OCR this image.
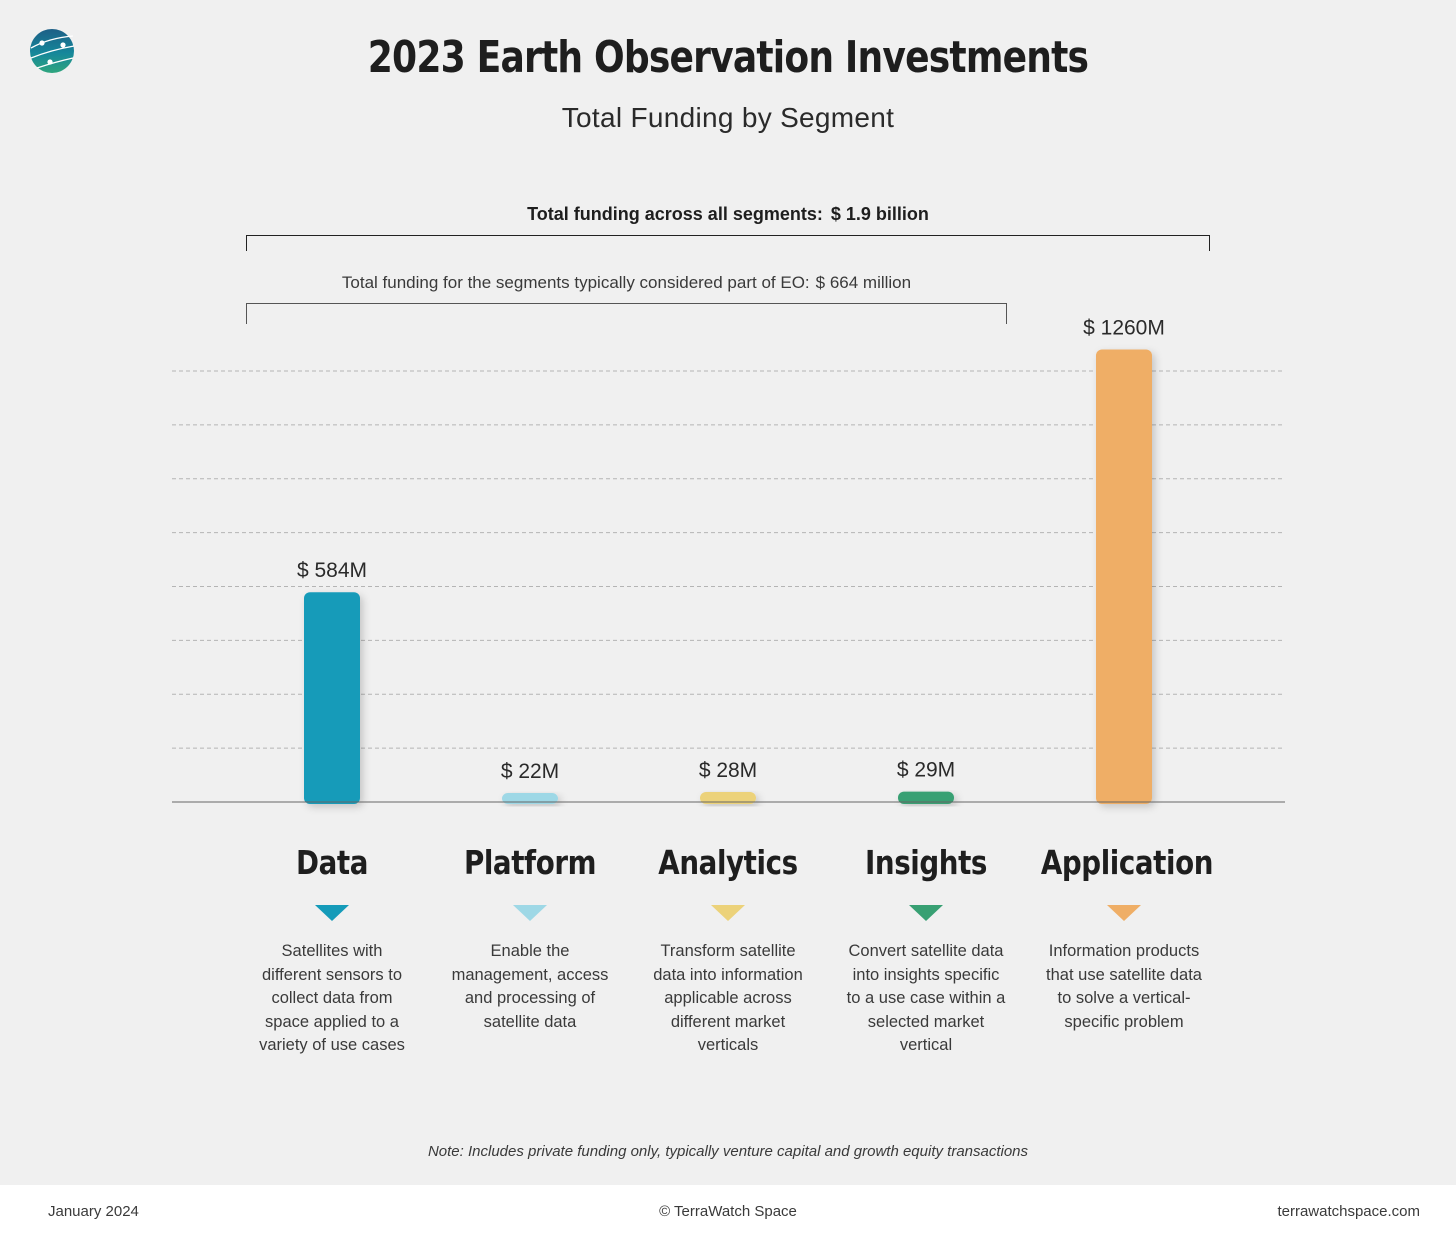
2023 Earth Observation Investments
Total Funding by Segment
Total funding across all segments: $ 1.9 billion
Total funding for the segments typically considered part of EO: $ 664 million
$ 584M
$ 22M	$ 28M	$ 29M
$ 1260M
Data	Platform	Analytics	Insights	Application
Satellites with different sensors to collect data from space applied to a variety of use cases
Enable the management, access and processing of satellite data
Transform satellite data into information applicable across different market verticals
Convert satellite data into insights specific to a use case within a selected market vertical
Information products that use satellite data to solve a vertical-specific problem
Note: Includes private funding only, typically venture capital and growth equity transactions
January 2024	© TerraWatch Space	terrawatchspace.com
